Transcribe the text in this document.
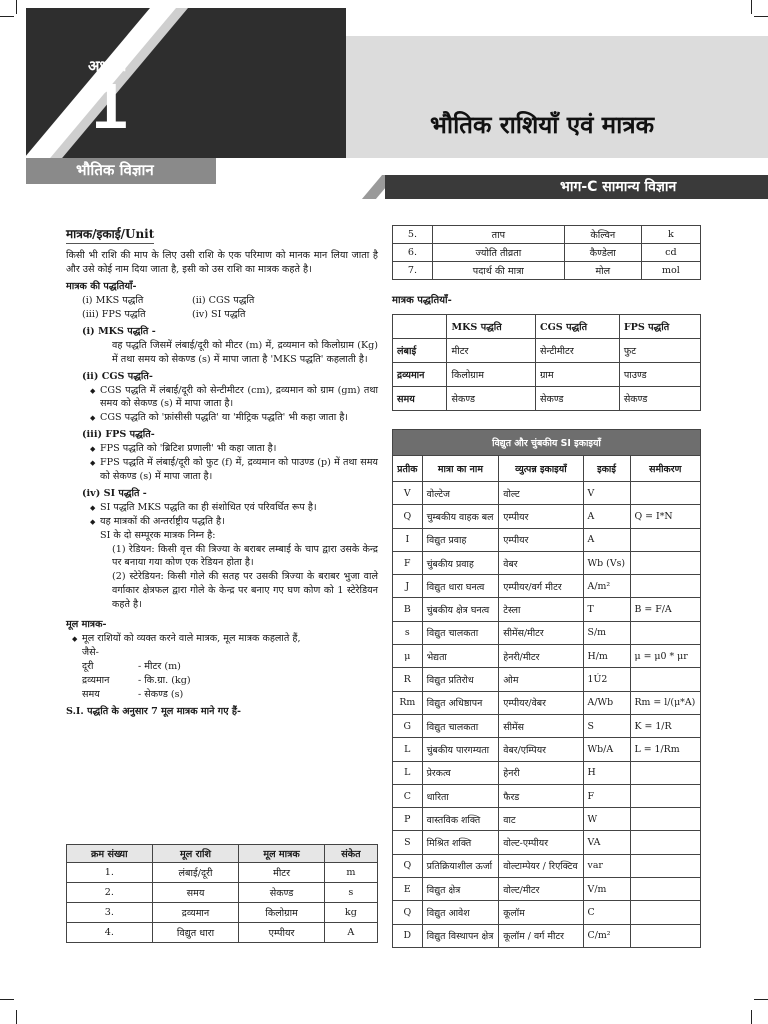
अध्याय
1
भौतिक विज्ञान
भौतिक राशियाँ एवं मात्रक
भाग-C सामान्य विज्ञान
मात्रक/इकाई/Unit

किसी भी राशि की माप के लिए उसी राशि के एक परिमाण को मानक मान लिया जाता है और उसे कोई नाम दिया जाता है, इसी को उस राशि का मात्रक कहते है।

मात्रक की पद्धतियाँ-

(i) MKS पद्धति	(ii) CGS पद्धति
(iii) FPS पद्धति	(iv) SI पद्धति

(i) MKS पद्धति -

वह पद्धति जिसमें लंबाई/दूरी को मीटर (m) में, द्रव्यमान को किलोग्राम (Kg) में तथा समय को सेकण्ड (s) में मापा जाता है 'MKS पद्धति' कहलाती है।

(ii) CGS पद्धति-

◆ CGS पद्धति में लंबाई/दूरी को सेन्टीमीटर (cm), द्रव्यमान को ग्राम (gm) तथा समय को सेकण्ड (s) में मापा जाता है।

◆ CGS पद्धति को 'फ्रांसीसी पद्धति' या 'मीट्रिक पद्धति' भी कहा जाता है।

(iii) FPS पद्धति-

◆ FPS पद्धति को 'ब्रिटिश प्रणाली' भी कहा जाता है।

◆ FPS पद्धति में लंबाई/दूरी को फुट (f) में, द्रव्यमान को पाउण्ड (p) में तथा समय को सेकण्ड (s) में मापा जाता है।

(iv) SI पद्धति -

◆ SI पद्धति MKS पद्धति का ही संशोधित एवं परिवर्धित रूप है।

◆ यह मात्रकों की अन्तर्राष्ट्रीय पद्धति है।

SI के दो सम्पूरक मात्रक निम्न है:

(1) रेडियन: किसी वृत्त की त्रिज्या के बराबर लम्बाई के चाप द्वारा उसके केन्द्र पर बनाया गया कोण एक रेडियन होता है।

(2) स्टेरेडियन: किसी गोले की सतह पर उसकी त्रिज्या के बराबर भुजा वाले वर्गाकार क्षेत्रफल द्वारा गोले के केन्द्र पर बनाए गए घण कोण को 1 स्टेरेडियन कहते है।

मूल मात्रक-

◆ मूल राशियों को व्यक्त करने वाले मात्रक, मूल मात्रक कहलाते हैं,

जैसे-

दूरी	- मीटर (m)
द्रव्यमान	- कि.ग्रा. (kg)
समय	- सेकण्ड (s)

S.I. पद्धति के अनुसार 7 मूल मात्रक माने गए हैं-

क्रम संख्या	मूल राशि	मूल मात्रक	संकेत
1.	लंबाई/दूरी	मीटर	m
2.	समय	सेकण्ड	s
3.	द्रव्यमान	किलोग्राम	kg
4.	विद्युत धारा	एम्पीयर	A
5.	ताप	केल्विन	k
6.	ज्योति तीव्रता	कैण्डेला	cd
7.	पदार्थ की मात्रा	मोल	mol
मात्रक पद्धतियाँ-
	MKS पद्धति	CGS पद्धति	FPS पद्धति
लंबाई	मीटर	सेन्टीमीटर	फुट
द्रव्यमान	किलोग्राम	ग्राम	पाउण्ड
समय	सेकण्ड	सेकण्ड	सेकण्ड
विद्युत और चुंबकीय SI इकाइयाँ				
प्रतीक	मात्रा का नाम	व्युत्पन्न इकाइयाँ	इकाई	समीकरण
V	वोल्टेज	वोल्ट	V	
Q	चुम्बकीय वाहक बल	एम्पीयर	A	Q = I*N
I	विद्युत प्रवाह	एम्पीयर	A	
F	चुंबकीय प्रवाह	वेबर	Wb (Vs)	
J	विद्युत धारा घनत्व	एम्पीयर/वर्ग मीटर	A/m²	
B	चुंबकीय क्षेत्र घनत्व	टेस्ला	T	B = F/A
s	विद्युत चालकता	सीमेंस/मीटर	S/m	
μ	भेद्यता	हेनरी/मीटर	H/m	μ = μ0 * μr
R	विद्युत प्रतिरोध	ओम	1Ú2	
Rm	विद्युत अधिष्ठापन	एम्पीयर/वेबर	A/Wb	Rm = l/(μ*A)
G	विद्युत चालकता	सीमेंस	S	K = 1/R
L	चुंबकीय पारगम्यता	वेबर/एम्पियर	Wb/A	L = 1/Rm
L	प्रेरकत्व	हेनरी	H	
C	धारिता	फैरड	F	
P	वास्तविक शक्ति	वाट	W	
S	मिश्रित शक्ति	वोल्ट-एम्पीयर	VA	
Q	प्रतिक्रियाशील ऊर्जा	वोल्टाम्पेयर / रिएक्टिव	var	
E	विद्युत क्षेत्र	वोल्ट/मीटर	V/m	
Q	विद्युत आवेश	कूलॉम	C	
D	विद्युत विस्थापन क्षेत्र	कूलॉम / वर्ग मीटर	C/m²	
